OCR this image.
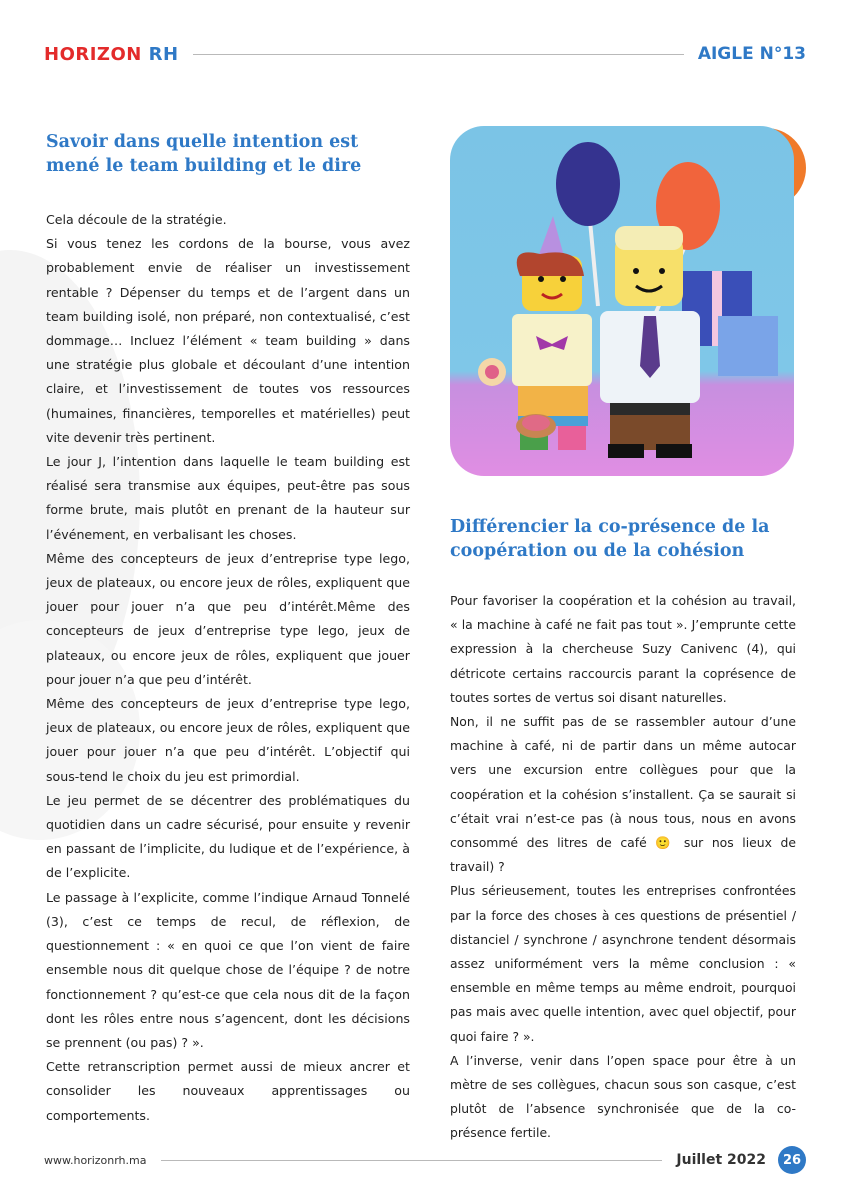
HORIZON RH	AIGLE N°13
Savoir dans quelle intention est mené le team building et le dire

Cela découle de la stratégie.

Si vous tenez les cordons de la bourse, vous avez probablement envie de réaliser un investissement rentable ? Dépenser du temps et de l’argent dans un team building isolé, non préparé, non contextualisé, c’est dommage… Incluez l’élément « team building » dans une stratégie plus globale et découlant d’une intention claire, et l’investissement de toutes vos ressources (humaines, financières, temporelles et matérielles) peut vite devenir très pertinent.

Le jour J, l’intention dans laquelle le team building est réalisé sera transmise aux équipes, peut-être pas sous forme brute, mais plutôt en prenant de la hauteur sur l’événement, en verbalisant les choses.

Même des concepteurs de jeux d’entreprise type lego, jeux de plateaux, ou encore jeux de rôles, expliquent que jouer pour jouer n’a que peu d’intérêt.Même des concepteurs de jeux d’entreprise type lego, jeux de plateaux, ou encore jeux de rôles, expliquent que jouer pour jouer n’a que peu d’intérêt.

Même des concepteurs de jeux d’entreprise type lego, jeux de plateaux, ou encore jeux de rôles, expliquent que jouer pour jouer n’a que peu d’intérêt. L’objectif qui sous-tend le choix du jeu est primordial.

Le jeu permet de se décentrer des problématiques du quotidien dans un cadre sécurisé, pour ensuite y revenir en passant de l’implicite, du ludique et de l’expérience, à de l’explicite.

Le passage à l’explicite, comme l’indique Arnaud Tonnelé (3), c’est ce temps de recul, de réflexion, de questionnement : « en quoi ce que l’on vient de faire ensemble nous dit quelque chose de l’équipe ? de notre fonctionnement ? qu’est-ce que cela nous dit de la façon dont les rôles entre nous s’agencent, dont les décisions se prennent (ou pas) ? ».

Cette retranscription permet aussi de mieux ancrer et consolider les nouveaux apprentissages ou comportements.

Différencier la co-présence de la coopération ou de la cohésion

Pour favoriser la coopération et la cohésion au travail, « la machine à café ne fait pas tout ». J’emprunte cette expression à la chercheuse Suzy Canivenc (4), qui détricote certains raccourcis parant la coprésence de toutes sortes de vertus soi disant naturelles.

Non, il ne suffit pas de se rassembler autour d’une machine à café, ni de partir dans un même autocar vers une excursion entre collègues pour que la coopération et la cohésion s’installent. Ça se saurait si c’était vrai n’est-ce pas (à nous tous, nous en avons consommé des litres de café 🙂 sur nos lieux de travail) ?

Plus sérieusement, toutes les entreprises confrontées par la force des choses à ces questions de présentiel / distanciel / synchrone / asynchrone tendent désormais assez uniformément vers la même conclusion : « ensemble en même temps au même endroit, pourquoi pas mais avec quelle intention, avec quel objectif, pour quoi faire ? ».

A l’inverse, venir dans l’open space pour être à un mètre de ses collègues, chacun sous son casque, c’est plutôt de l’absence synchronisée que de la co-présence fertile.

www.horizonrh.ma	Juillet 2022	26
